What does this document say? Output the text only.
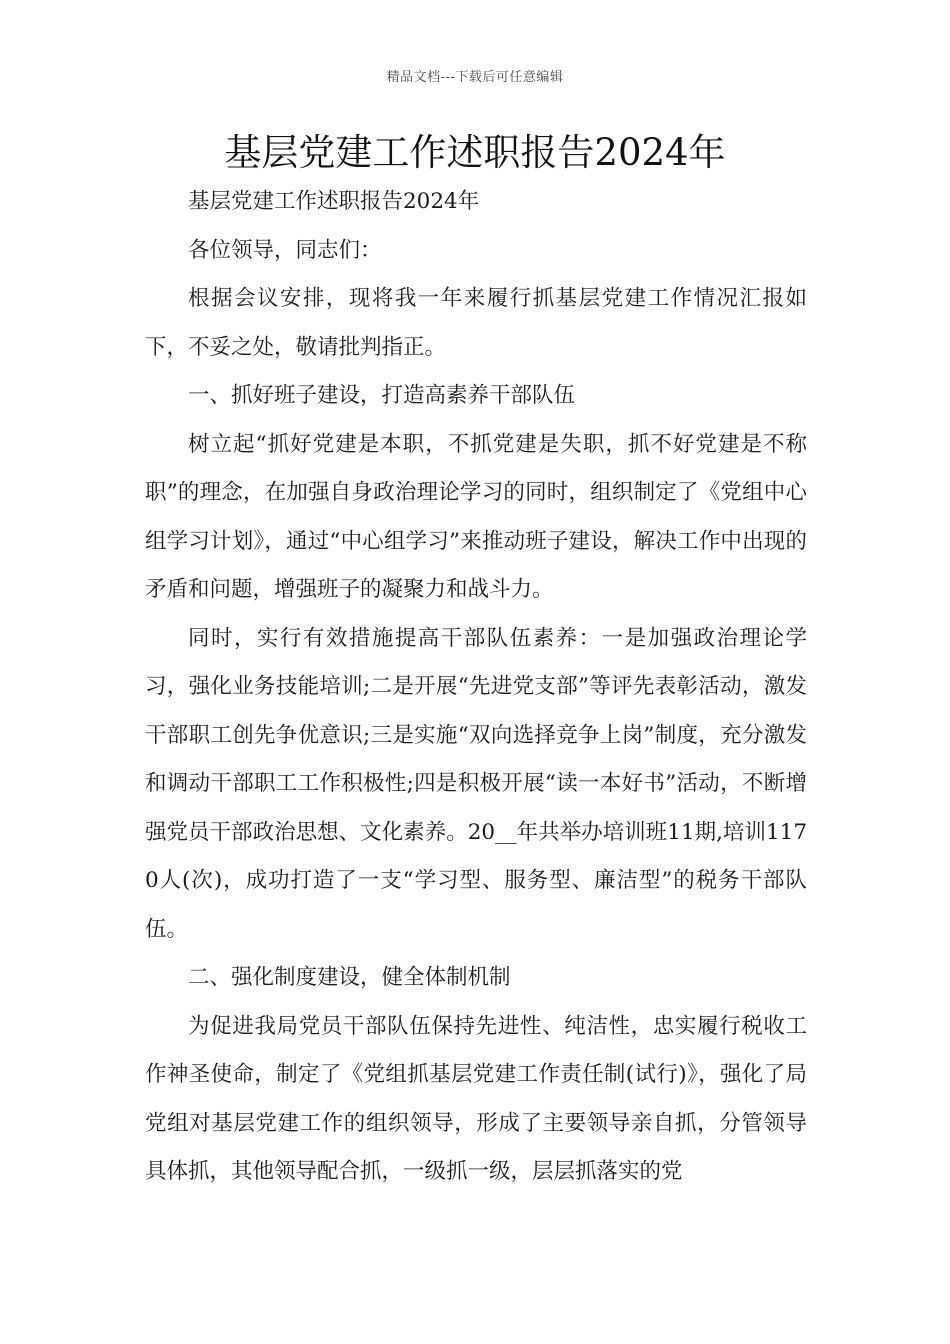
精品文档---下载后可任意编辑
基层党建工作述职报告2024年

基层党建工作述职报告2024年

各位领导，同志们：

根据会议安排，现将我一年来履行抓基层党建工作情况汇报如下，不妥之处，敬请批判指正。

一、抓好班子建设，打造高素养干部队伍

树立起“抓好党建是本职，不抓党建是失职，抓不好党建是不称职”的理念，在加强自身政治理论学习的同时，组织制定了《党组中心组学习计划》，通过“中心组学习”来推动班子建设，解决工作中出现的矛盾和问题，增强班子的凝聚力和战斗力。

同时，实行有效措施提高干部队伍素养：一是加强政治理论学习，强化业务技能培训;二是开展“先进党支部”等评先表彰活动，激发干部职工创先争优意识;三是实施“双向选择竞争上岗”制度，充分激发和调动干部职工工作积极性;四是积极开展“读一本好书”活动，不断增强党员干部政治思想、文化素养。20__年共举办培训班11期,培训1170人(次)，成功打造了一支“学习型、服务型、廉洁型”的税务干部队伍。

二、强化制度建设，健全体制机制

为促进我局党员干部队伍保持先进性、纯洁性，忠实履行税收工作神圣使命，制定了《党组抓基层党建工作责任制(试行)》，强化了局党组对基层党建工作的组织领导，形成了主要领导亲自抓，分管领导具体抓，其他领导配合抓，一级抓一级，层层抓落实的党
